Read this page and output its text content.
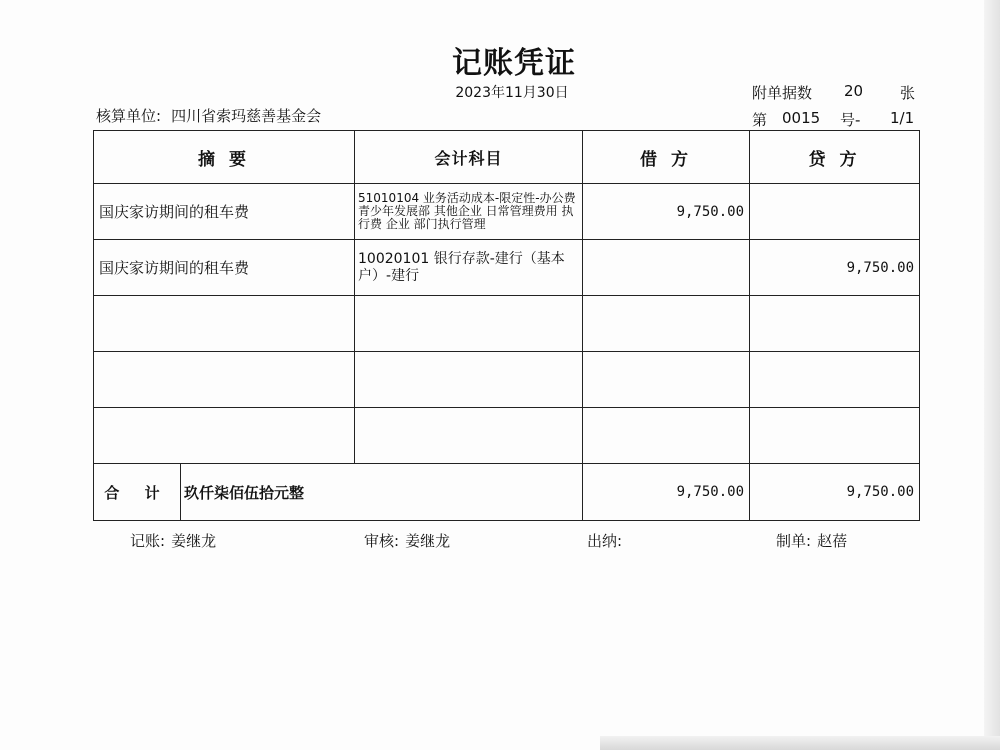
记账凭证
2023年11月30日
核算单位: 四川省索玛慈善基金会
附单据数 20 张
第 0015 号- 1/1
摘 要		会计科目	借 方	贷 方
国庆家访期间的租车费		51010104 业务活动成本-限定性-办公费 青少年发展部 其他企业 日常管理费用 执行费 企业 部门执行管理	9,750.00	
国庆家访期间的租车费		10020101 银行存款-建行（基本户）-建行		9,750.00

合 计	玖仟柒佰伍拾元整		9,750.00	9,750.00
记账: 姜继龙	审核: 姜继龙	出纳:	制单: 赵蓓
